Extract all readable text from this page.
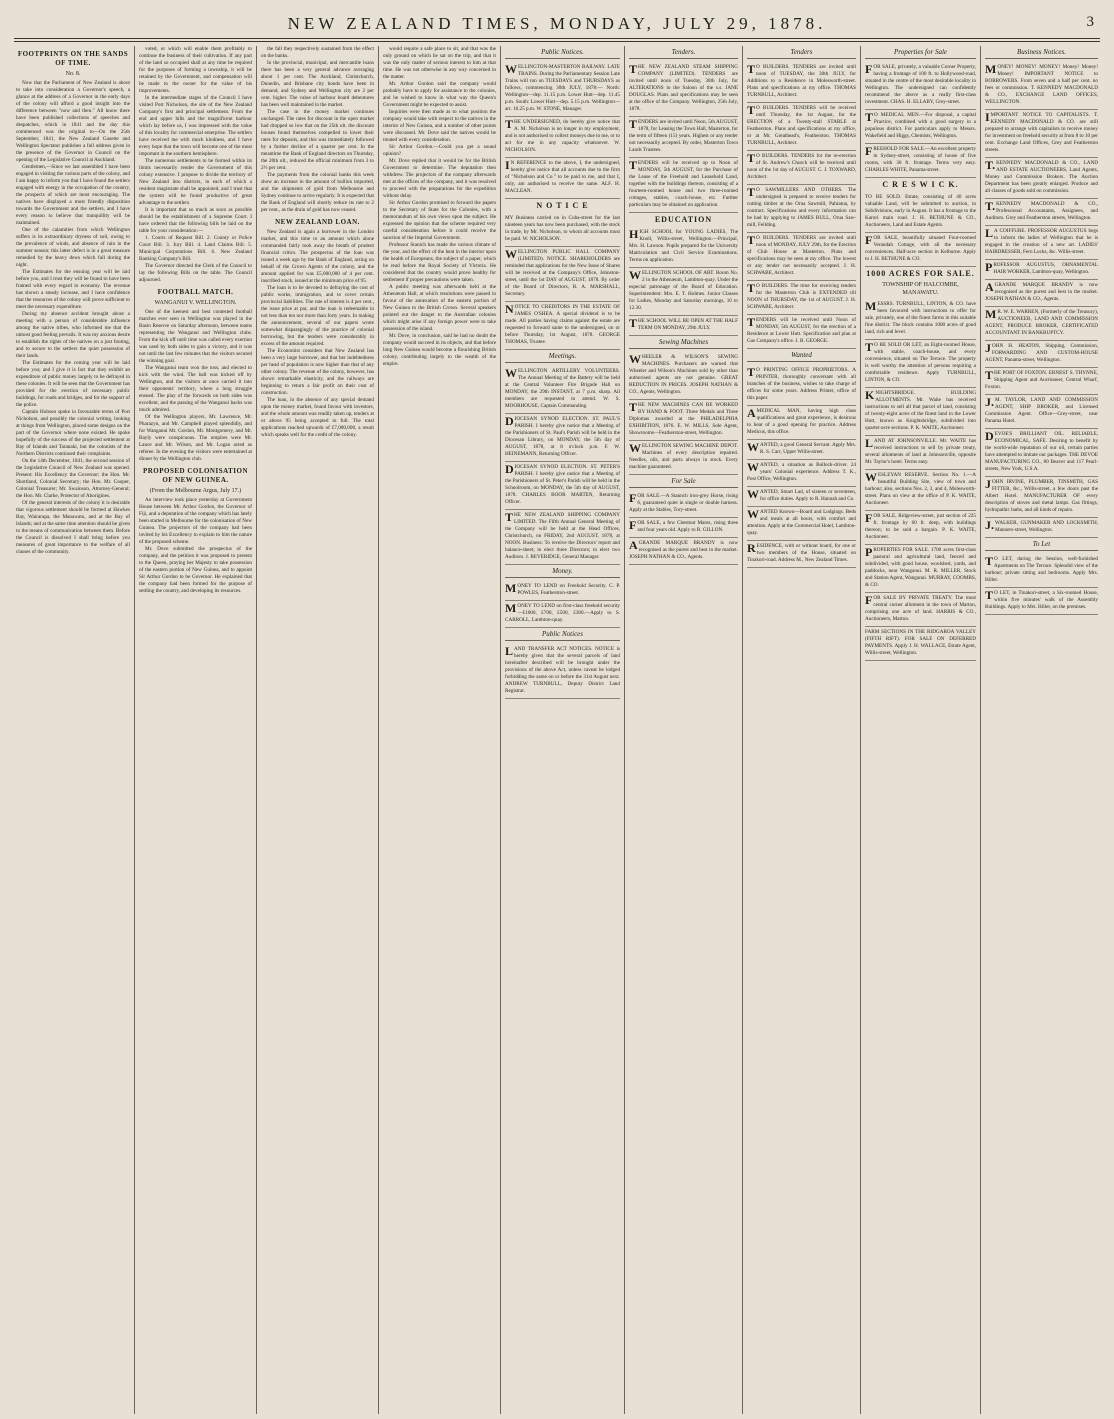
NEW ZEALAND TIMES, MONDAY, JULY 29, 1878.	3
FOOTPRINTS ON THE SANDS OF TIME.
No. 8.
Now that the Parliament of New Zealand is about to take into consideration a Governor's speech, a glance at the address of a Governor in the early days of the colony will afford a good insight into the difference between "now and then." All know there have been published collections of speeches and despatches, which in 1841 and the day this commenced was the original to—On the 25th September, 1841, the New Zealand Gazette and Wellington Spectator publishes a full address given in the presence of the Governor in Council on the opening of the Legislative Council at Auckland.
Gentlemen,—Since we last assembled I have been engaged in visiting the various parts of the colony, and I am happy to inform you that I have found the settlers engaged with energy in the occupation of the country, the prospects of which are most encouraging. The natives have displayed a most friendly disposition towards the Government and the settlers, and I have every reason to believe that tranquillity will be maintained.
One of the calamities from which Wellington suffers is its extraordinary dryness of soil, owing to the prevalence of winds, and absence of rain in the summer season; this latter defect is in a great measure remedied by the heavy dews which fall during the night.
The Estimates for the ensuing year will be laid before you, and I trust they will be found to have been framed with every regard to economy. The revenue has shown a steady increase, and I have confidence that the resources of the colony will prove sufficient to meet the necessary expenditure.
During my absence accident brought about a meeting with a person of considerable influence among the native tribes, who informed me that the utmost good feeling prevails. It was my anxious desire to establish the rights of the natives on a just footing, and to secure to the settlers the quiet possession of their lands.
The Estimates for the coming year will be laid before you; and I give it is fact that they exhibit an expenditure of public money largely to be defrayed in these colonies. It will be seen that the Government has provided for the erection of necessary public buildings, for roads and bridges, and for the support of the police.
Captain Hobson spoke in favourable terms of Port Nicholson, and possibly the colonial writing, looking at things from Wellington, placed some designs on the part of the Governor where none existed. He spoke hopefully of the success of the projected settlement at Bay of Islands and Taranaki, but the colonists of the Northern Districts continued their complaints.
On the 14th December, 1841, the second session of the Legislative Council of New Zealand was opened. Present: His Excellency the Governor; the Hon. Mr. Shortland, Colonial Secretary; the Hon. Mr. Cooper, Colonial Treasurer; Mr. Swainson, Attorney-General; the Hon. Mr. Clarke, Protector of Aborigines.
Of the general interests of the colony it is desirable that vigorous settlement should be formed at Hawkes Bay, Wairarapa, the Manawatu, and at the Bay of Islands; and at the same time attention should be given to the means of communication between them. Before the Council is dissolved I shall bring before you measures of great importance to the welfare of all classes of the community.
voted, or which will enable them profitably to continue the business of their cultivation. If any part of the land so occupied shall at any time be required for the purposes of forming a township, it will be retained by the Government, and compensation will be made to the owner for the value of his improvements.
In the intermediate stages of the Council I have visited Port Nicholson, the site of the New Zealand Company's first and principal settlement. From the end and upper hills and the magnificent harbour which lay before us, I was impressed with the value of this locality for commercial enterprise. The settlers have received me with much kindness, and I have every hope that the town will become one of the most important in the southern hemisphere.
The numerous settlements to be formed within its limits necessarily render the Government of this colony extensive. I propose to divide the territory of New Zealand into districts, in each of which a resident magistrate shall be appointed, and I trust that the system will be found productive of great advantage to the settlers.
It is important that so much as soon as possible should be the establishment of a Supreme Court. I have ordered that the following bills be laid on the table for your consideration:—
1. Courts of Request Bill. 2. County or Police Court Bill. 3. Jury Bill. 4. Land Claims Bill. 5. Municipal Corporations Bill. 6. New Zealand Banking Company's Bill.
The Governor directed the Clerk of the Council to lay the following Bills on the table. The Council adjourned.
FOOTBALL MATCH.
WANGANUI V. WELLINGTON.
One of the keenest and best contested football matches ever seen in Wellington was played in the Basin Reserve on Saturday afternoon, between teams representing the Wanganui and Wellington clubs. From the kick off until time was called every exertion was used by both sides to gain a victory, and it was not until the last few minutes that the visitors secured the winning goal.
The Wanganui team won the toss, and elected to kick with the wind. The ball was kicked off by Wellington, and the visitors at once carried it into their opponents' territory, where a long struggle ensued. The play of the forwards on both sides was excellent, and the passing of the Wanganui backs was much admired.
Of the Wellington players, Mr. Lawrence, Mr. Pharazyn, and Mr. Campbell played splendidly, and for Wanganui Mr. Gordon, Mr. Montgomery, and Mr. Bayly were conspicuous. The umpires were Mr. Lance and Mr. Wilson, and Mr. Logan acted as referee. In the evening the visitors were entertained at dinner by the Wellington club.
PROPOSED COLONISATION OF NEW GUINEA.
(From the Melbourne Argus, July 17.)
An interview took place yesterday at Government House between Mr. Arthur Gordon, the Governor of Fiji, and a deputation of the company which has lately been started in Melbourne for the colonisation of New Guinea. The projectors of the company had been invited by his Excellency to explain to him the nature of the proposed scheme.
Mr. Dove submitted the prospectus of the company, and the petition it was proposed to present to the Queen, praying her Majesty to take possession of the eastern portion of New Guinea, and to appoint Sir Arthur Gordon to be Governor. He explained that the company had been formed for the purpose of settling the country, and developing its resources.
the fall they respectively sustained from the effect on the banks.
In the provincial, municipal, and mercantile loans there has been a very general advance averaging about 1 per cent. The Auckland, Christchurch, Dunedin, and Brisbane city bonds have been in demand, and Sydney and Wellington city are 2 per cent. higher. The value of harbour board debentures has been well maintained in the market.
The case in the money market continues unchanged. The rates for discount in the open market had dropped so low that on the 25th ult. the discount houses found themselves compelled to lower their rates for deposits, and this was immediately followed by a further decline of a quarter per cent. In the meantime the Bank of England directors on Thursday, the 20th ult., reduced the official minimum from 3 to 2½ per cent.
The payments from the colonial banks this week show an increase in the amount of bullion imported, and the shipments of gold from Melbourne and Sydney continue to arrive regularly. It is expected that the Bank of England will shortly reduce its rate to 2 per cent., as the drain of gold has now ceased.
NEW ZEALAND LOAN.
New Zealand is again a borrower in the London market, and this time to an amount which alone commanded fairly took away the breath of prudent financial critics. The prospectus of the loan was issued a week ago by the Bank of England, acting on behalf of the Crown Agents of the colony, and the amount applied for was £5,000,000 of 4 per cent. inscribed stock, issued at the minimum price of 95.
The loan is to be devoted to defraying the cost of public works, immigration, and to cover certain provincial liabilities. The rate of interest is 4 per cent., the issue price at par, and the loan is redeemable in not less than ten nor more than forty years. In making the announcement, several of our papers wrote somewhat disparagingly of the practice of colonial borrowing, but the tenders were considerably in excess of the amount required.
The Economist considers that New Zealand has been a very large borrower, and that her indebtedness per head of population is now higher than that of any other colony. The revenue of the colony, however, has shown remarkable elasticity, and the railways are beginning to return a fair profit on their cost of construction.
The loan, in the absence of any special demand upon the money market, found favour with investors, and the whole amount was readily taken up, tenders at or above 95 being accepted in full. The total applications reached upwards of £7,000,000, a result which speaks well for the credit of the colony.
would require a safe place to sit, and that was the only ground on which he sat on the trip, and that it was the only matter of serious interest to him at that time. He was not otherwise in any way concerned in the matter.
Mr. Arthur Gordon said the company would probably have to apply for assistance to the colonies, and he wished to know in what way the Queen's Government might be expected to assist.
Inquiries were then made as to what position the company would take with respect to the natives in the interior of New Guinea, and a number of other points were discussed. Mr. Dove said the natives would be treated with every consideration.
Sir Arthur Gordon.—Could you get a sound opinion?
Mr. Dove replied that it would be for the British Government to determine. The deputation then withdrew. The projectors of the company afterwards met at the offices of the company, and it was resolved to proceed with the preparations for the expedition without delay.
Sir Arthur Gordon promised to forward the papers to the Secretary of State for the Colonies, with a memorandum of his own views upon the subject. He expressed the opinion that the scheme required very careful consideration before it could receive the sanction of the Imperial Government.
Professor Stanich has made the various climate of the year, and the effect of the heat in the interior upon the health of Europeans, the subject of a paper, which he read before the Royal Society of Victoria. He considered that the country would prove healthy for settlement if proper precautions were taken.
A public meeting was afterwards held at the Athenæum Hall, at which resolutions were passed in favour of the annexation of the eastern portion of New Guinea to the British Crown. Several speakers pointed out the danger to the Australian colonies which might arise if any foreign power were to take possession of the island.
Mr. Dove, in conclusion, said he had no doubt the company would succeed in its objects, and that before long New Guinea would become a flourishing British colony, contributing largely to the wealth of the empire.
Public Notices.
WELLINGTON-MASTERTON RAILWAY. LATE TRAINS. During the Parliamentary Session Late Trains will run on TUESDAYS and THURSDAYS as follows, commencing 30th JULY, 1878:— North: Wellington—dep. 11.15 p.m. Lower Hutt—dep. 11.45 p.m. South: Lower Hutt—dep. 5.15 p.m. Wellington—arr. 10.25 p.m. W. STONE, Manager.
THE UNDERSIGNED, do hereby give notice that A. M. Nicholson is no longer in my employment, and is not authorised to collect moneys due to me, or to act for me in any capacity whatsoever. W. NICHOLSON.
IN REFERENCE to the above, I, the undersigned, hereby give notice that all accounts due to the firm of "Nicholson and Co." to be paid to me, and that I, only, am authorised to receive the same. ALF. H. MACLEAN.
N O T I C E
MY Business carried on in Cuba-street for the last nineteen years has now been purchased, with the stock in trade, by Mr. Nicholson, to whom all accounts must be paid. W. NICHOLSON.
WELLINGTON PUBLIC HALL COMPANY (LIMITED). NOTICE. SHAREHOLDERS are reminded that applications for the New Issue of Shares will be received at the Company's Office, Johnston-street, until the 1st DAY of AUGUST, 1878. By order of the Board of Directors, R. A. MARSHALL, Secretary.
NOTICE TO CREDITORS IN THE ESTATE OF JAMES O'SHEA. A special dividend is to be made. All parties having claims against the estate are requested to forward same to the undersigned, on or before Thursday, 1st August, 1878. GEORGE THOMAS, Trustee.
Meetings.
WELLINGTON ARTILLERY VOLUNTEERS. The Annual Meeting of the Battery will be held at the Central Volunteer Fire Brigade Hall on MONDAY, the 29th INSTANT, at 7 p.m. sharp. All members are requested to attend. W. S. MOORHOUSE, Captain Commanding.
DIOCESAN SYNOD ELECTION. ST. PAUL'S PARISH. I hereby give notice that a Meeting of the Parishioners of St. Paul's Parish will be held in the Diocesan Library, on MONDAY, the 5th day of AUGUST, 1878, at 8 o'clock p.m. F. W. HEINEMANN, Returning Officer.
DIOCESAN SYNOD ELECTION. ST. PETER'S PARISH. I hereby give notice that a Meeting of the Parishioners of St. Peter's Parish will be held in the Schoolroom, on MONDAY, the 5th day of AUGUST, 1878. CHARLES BOOR MARTEN, Returning Officer.
THE NEW ZEALAND SHIPPING COMPANY LIMITED. The Fifth Annual General Meeting of the Company will be held at the Head Offices, Christchurch, on FRIDAY, 2nd AUGUST, 1878, at NOON. Business: To receive the Directors' report and balance-sheet; to elect three Directors; to elect two Auditors. J. BEVERIDGE, General Manager.
Money.
MONEY TO LEND on Freehold Security. C. P. POWLES, Featherston-street.
MONEY TO LEND on first-class freehold security—£1000, £700, £500, £300.—Apply to S. CARROLL, Lambton-quay.
Public Notices
LAND TRANSFER ACT NOTICES. NOTICE is hereby given that the several parcels of land hereinafter described will be brought under the provisions of the above Act, unless caveat be lodged forbidding the same on or before the 31st August next. ANDREW TURNBULL, Deputy District Land Registrar.
Tenders.
THE NEW ZEALAND STEAM SHIPPING COMPANY (LIMITED). TENDERS are invited until noon of Tuesday, 30th July, for ALTERATIONS to the Saloon of the s.s. JANE DOUGLAS. Plans and specifications may be seen at the office of the Company. Wellington, 25th July, 1878.
TENDERS are invited until Noon, 5th AUGUST, 1878, for Leasing the Town Hall, Masterton, for the term of fifteen (15) years. Highest or any tender not necessarily accepted. By order, Masterton Town Lands Trustees.
TENDERS will be received up to Noon of MONDAY, 5th AUGUST, for the Purchase of the Lease of the Freehold and Leasehold Land, together with the buildings thereon, consisting of a fourteen-roomed house and two three-roomed cottages, stables, coach-house, etc. Further particulars may be obtained on application.
EDUCATION
HIGH SCHOOL for YOUNG LADIES, The Knoll, Willis-street, Wellington.—Principal, Mrs. H. Lawson. Pupils prepared for the University Matriculation and Civil Service Examinations. Terms on application.
WELLINGTON SCHOOL OF ART. Room No. 2 in the Athenæum, Lambton-quay. Under the especial patronage of the Board of Education. Superintendent: Mrs. E. T. Holmes. Junior Classes for Ladies, Monday and Saturday mornings, 10 to 12.30.
THE SCHOOL WILL BE OPEN AT THE HALF TERM ON MONDAY, 29th JULY.
Sewing Machines
WHEELER & WILSON'S SEWING MACHINES. Purchasers are warned that Wheeler and Wilson's Machines sold by other than authorised agents are not genuine. GREAT REDUCTION IN PRICES. JOSEPH NATHAN & CO., Agents, Wellington.
THE NEW MACHINES CAN BE WORKED BY HAND & FOOT. Three Medals and Three Diplomas awarded at the PHILADELPHIA EXHIBITION, 1876. E. W. MILLS, Sole Agent, Showrooms—Featherston-street, Wellington.
WELLINGTON SEWING MACHINE DEPOT. Machines of every description repaired. Needles, oils, and parts always in stock. Every machine guaranteed.
For Sale
FOR SALE.—A Staunch iron-grey Horse, rising 6, guaranteed quiet in single or double harness. Apply at the Stables, Tory-street.
FOR SALE, a few Chestnut Mares, rising three and four years old. Apply to R. GILLON.
AGRANDE MARQUE BRANDY is now recognised as the purest and best in the market. JOSEPH NATHAN & CO., Agents.
Tenders
TO BUILDERS. TENDERS are invited until noon of TUESDAY, the 30th JULY, for Additions to a Residence in Molesworth-street. Plans and specifications at my office. THOMAS TURNBULL, Architect.
TO BUILDERS. TENDERS will be received until Thursday, the 1st August, for the ERECTION of a Twenty-stall STABLE at Featherston. Plans and specifications at my office, or at Mr. Greathead's, Featherston. THOMAS TURNBULL, Architect.
TO BUILDERS. TENDERS for the re-erection of St. Andrew's Church will be received until noon of the 1st day of AUGUST. C. J. TOXWARD, Architect.
TO SAWMILLERS AND OTHERS. The undersigned is prepared to receive tenders for cutting timber at the Orua Sawmill, Pahiatua, by contract. Specifications and every information can be had by applying to JAMES BULL, Orua Saw-mill, Feilding.
TO BUILDERS. TENDERS are invited until noon of MONDAY, JULY 29th, for the Erection of Club House at Masterton. Plans and specifications may be seen at my office. The lowest or any tender not necessarily accepted. J. H. SCHWABE, Architect.
TO BUILDERS. The time for receiving tenders for the Masterton Club is EXTENDED till NOON of THURSDAY, the 1st of AUGUST. J. H. SCHWABE, Architect.
TENDERS will be received until Noon of MONDAY, 5th AUGUST, for the erection of a Residence at Lower Hutt. Specification and plan at Gas Company's office. J. R. GEORGE.
Wanted
TO PRINTING OFFICE PROPRIETORS. A PRINTER, thoroughly conversant with all branches of the business, wishes to take charge of offices for some years. Address Printer, office of this paper.
AMEDICAL MAN, having high class qualifications and great experience, is desirous to hear of a good opening for practice. Address Medicus, this office.
WANTED, a good General Servant. Apply Mrs. R. S. Carr, Upper Willis-street.
WANTED, a situation as Bullock-driver. 24 years' Colonial experience. Address T. K., Post Office, Wellington.
WANTED, Smart Lad, of sixteen or seventeen, for office duties. Apply to R. Hannah and Co.
WANTED Known—Board and Lodgings. Beds and meals at all hours, with comfort and attention. Apply at the Commercial Hotel, Lambton-quay.
RESIDENCE, with or without board, for one or two members of the House, situated on Tinakori-road. Address M., New Zealand Times.
Properties for Sale
FOR SALE, privately, a valuable Corner Property, having a frontage of 100 ft. to Hollywood-road, situated in the centre of the most desirable locality in Wellington. The undersigned can confidently recommend the above as a really first-class investment. CHAS. H. ELLABY, Grey-street.
TO MEDICAL MEN.—For disposal, a capital Practice, combined with a good surgery in a populous district. For particulars apply to Messrs. Wakefield and Higgs, Chemists, Wellington.
FREEHOLD FOR SALE.—An excellent property in Sydney-street, consisting of house of five rooms, with 30 ft. frontage. Terms very easy. CHARLES WHITE, Panama-street.
C R E S W I C K.
TO BE SOLD. Estate, consisting of 40 acres valuable Land, will be submitted to auction, in Subdivisions, early in August. It has a frontage to the Karori main road. J. H. BETHUNE & CO., Auctioneers, Land and Estate Agents.
FOR SALE, beautifully situated Four-roomed Verandah Cottage, with all the necessary conveniences. Half-acre section in Kelburne. Apply to J. H. BETHUNE & CO.
1000 ACRES FOR SALE.
TOWNSHIP OF HALCOMBE, MANAWATU.
MESSRS. TURNBULL, LINTON, & CO. have been favoured with instructions to offer for sale, privately, one of the finest farms in this suitable fine district. The block contains 1000 acres of good land, rich and level.
TO BE SOLD OR LET, an Eight-roomed House, with stable, coach-house, and every convenience, situated on The Terrace. The property is well worthy the attention of persons requiring a comfortable residence. Apply TURNBULL, LINTON, & CO.
KNIGHTSBRIDGE. BUILDING ALLOTMENTS. Mr. Waite has received instructions to sell all that parcel of land, consisting of twenty-eight acres of the finest land in the Lower Hutt, known as Knightsbridge, subdivided into quarter-acre sections. P. K. WAITE, Auctioneer.
LAND AT JOHNSONVILLE. Mr. WAITE has received instructions to sell by private treaty, several allotments of land at Johnsonville, opposite Mr. Taylor's hotel. Terms easy.
WESLEYAN RESERVE. Section No. 1.—A beautiful Building Site, view of town and harbour; also, sections Nos. 2, 3, and 4, Molesworth-street. Plans on view at the office of P. K. WAITE, Auctioneer.
FOR SALE, Ridgeview-street, just section of 225 ft. frontage by 60 ft. deep, with buildings thereon; to be sold a bargain. P. K. WAITE, Auctioneer.
PROPERTIES FOR SALE. 1700 acres first-class pastoral and agricultural land, fenced and subdivided, with good house, woolshed, yards, and paddocks, near Wanganui. M. R. MILLER, Stock and Station Agent, Wanganui. MURRAY, COOMBS, & CO.
FOR SALE BY PRIVATE TREATY. The most central corner allotment in the town of Marton, comprising one acre of land. HARRIS & CO., Auctioneers, Marton.
FARM SECTIONS IN THE RIDGAROA VALLEY (FIFTH RIFT). FOR SALE ON DEFERRED PAYMENTS. Apply J. H. WALLACE, Estate Agent, Willis-street, Wellington.
Business Notices.
MONEY! MONEY! MONEY! Money! Money! Money! IMPORTANT NOTICE to BORROWERS. From seven and a half per cent. no fees or commission. T. KENNEDY MACDONALD & CO., EXCHANGE LAND OFFICES, WELLINGTON.
IMPORTANT NOTICE TO CAPITALISTS. T. KENNEDY MACDONALD & CO. are still prepared to arrange with capitalists to receive money for investment on freehold security at from 8 to 10 per cent. Exchange Land Offices, Grey and Featherston streets.
T.KENNEDY MACDONALD & CO., LAND AND ESTATE AUCTIONEERS, Land Agents, Money and Commission Brokers. The Auction Department has been greatly enlarged. Produce and all classes of goods sold on commission.
T.KENNEDY MACDONALD & CO., Professional Accountants, Assignees, and Auditors. Grey and Featherston streets, Wellington.
LA COIFFURE. PROFESSOR AUGUSTUS begs to inform the ladies of Wellington that he is engaged in the creation of a new art. LADIES' HAIRDRESSER, Fern Locks, &c. Willis-street.
PROFESSOR AUGUSTUS, ORNAMENTAL HAIR WORKER, Lambton-quay, Wellington.
AGRANDE MARQUE BRANDY is now recognised as the purest and best in the market. JOSEPH NATHAN & CO., Agents.
MR. W. E. WARREN, (Formerly of the Treasury), AUCTIONEER, LAND AND COMMISSION AGENT, PRODUCE BROKER, CERTIFICATED ACCOUNTANT IN BANKRUPTCY.
JOHN H. HEATON, Shipping, Commission, FORWARDING AND CUSTOM-HOUSE AGENT, Panama-street, Wellington.
THE PORT OF FOXTON. ERNEST S. THYNNE, Shipping Agent and Auctioneer, Central Wharf, Foxton.
J.M. TAYLOR, LAND AND COMMISSION AGENT, SHIP BROKER, and Licensed Commission Agent. Office—Grey-street, near Panama Hotel.
DEVOE'S BRILLIANT OIL. RELIABLE, ECONOMICAL, SAFE. Desiring to benefit by the world-wide reputation of our oil, certain parties have attempted to imitate our packages. THE DEVOE MANUFACTURING CO., 80 Beaver and 117 Pearl-streets, New York, U.S.A.
JOHN IRVINE, PLUMBER, TINSMITH, GAS FITTER, &c., Willis-street, a few doors past the Albert Hotel. MANUFACTURER OF every description of stoves and metal lamps. Gas fittings, hydropathic baths, and all kinds of repairs.
J.WALKER, GUNMAKER AND LOCKSMITH, Manners-street, Wellington.
To Let
TO LET, during the Session, well-furnished Apartments on The Terrace. Splendid view of the harbour; private sitting and bedrooms. Apply Mrs. Hiller.
TO LET, in Tinakori-street, a Six-roomed House, within five minutes' walk of the Assembly Buildings. Apply to Mrs. Hiller, on the premises.
